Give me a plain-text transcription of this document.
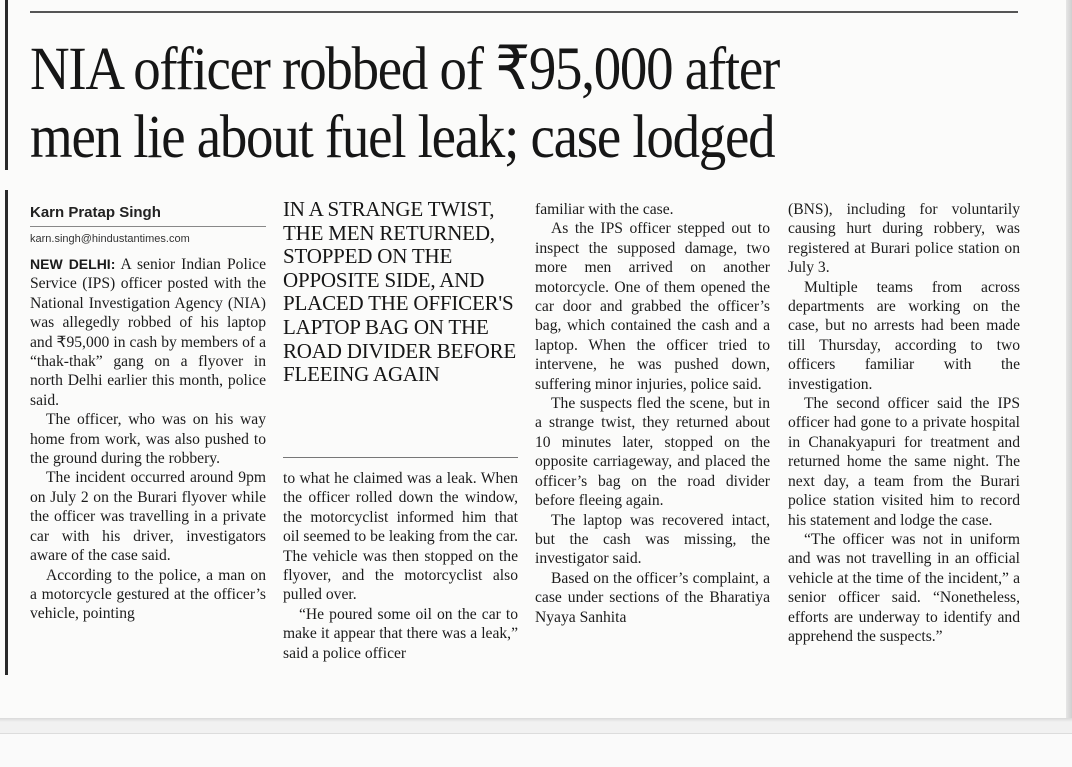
NIA officer robbed of ₹95,000 after
men lie about fuel leak; case lodged
Karn Pratap Singh
karn.singh@hindustantimes.com

NEW DELHI: A senior Indian Police Service (IPS) officer posted with the National Investigation Agency (NIA) was allegedly robbed of his laptop and ₹95,000 in cash by members of a “thak-thak” gang on a flyover in north Delhi earlier this month, police said.

The officer, who was on his way home from work, was also pushed to the ground during the robbery.

The incident occurred around 9pm on July 2 on the Burari flyover while the officer was travelling in a private car with his driver, investigators aware of the case said.

According to the police, a man on a motorcycle gestured at the officer’s vehicle, pointing

IN A STRANGE TWIST, THE MEN RETURNED, STOPPED ON THE OPPOSITE SIDE, AND PLACED THE OFFICER'S LAPTOP BAG ON THE ROAD DIVIDER BEFORE FLEEING AGAIN

to what he claimed was a leak. When the officer rolled down the window, the motorcyclist informed him that oil seemed to be leaking from the car. The vehicle was then stopped on the flyover, and the motorcyclist also pulled over.

“He poured some oil on the car to make it appear that there was a leak,” said a police officer

familiar with the case.

As the IPS officer stepped out to inspect the supposed damage, two more men arrived on another motorcycle. One of them opened the car door and grabbed the officer’s bag, which contained the cash and a laptop. When the officer tried to intervene, he was pushed down, suffering minor injuries, police said.

The suspects fled the scene, but in a strange twist, they returned about 10 minutes later, stopped on the opposite carriageway, and placed the officer’s bag on the road divider before fleeing again.

The laptop was recovered intact, but the cash was missing, the investigator said.

Based on the officer’s complaint, a case under sections of the Bharatiya Nyaya Sanhita

(BNS), including for voluntarily causing hurt during robbery, was registered at Burari police station on July 3.

Multiple teams from across departments are working on the case, but no arrests had been made till Thursday, according to two officers familiar with the investigation.

The second officer said the IPS officer had gone to a private hospital in Chanakyapuri for treatment and returned home the same night. The next day, a team from the Burari police station visited him to record his statement and lodge the case.

“The officer was not in uniform and was not travelling in an official vehicle at the time of the incident,” a senior officer said. “Nonetheless, efforts are underway to identify and apprehend the suspects.”
